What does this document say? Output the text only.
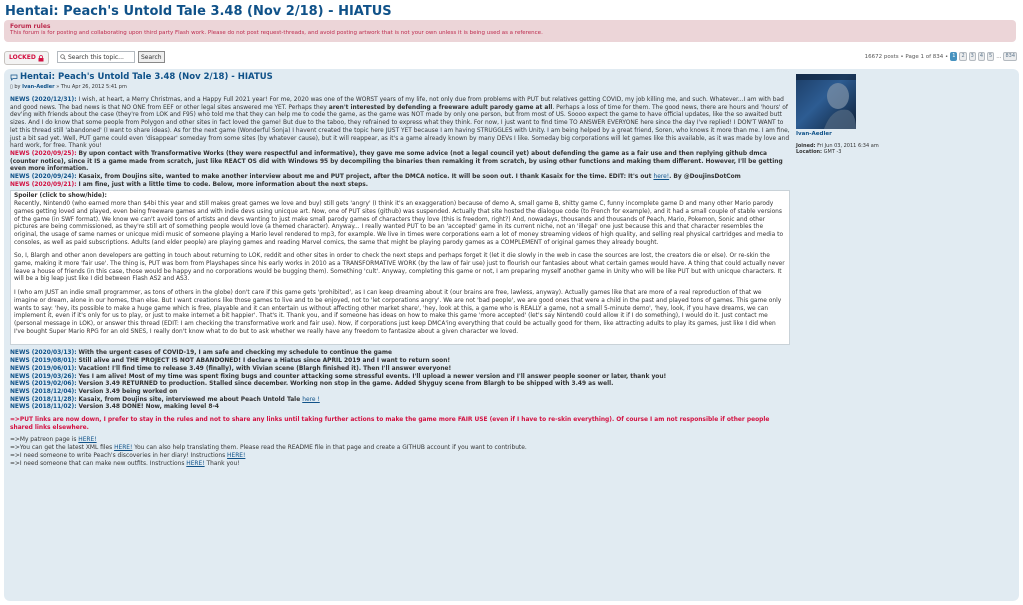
Hentai: Peach's Untold Tale 3.48 (Nov 2/18) - HIATUS
Forum rules
This forum is for posting and collaborating upon third party Flash work. Please do not post request-threads, and avoid posting artwork that is not your own unless it is being used as a reference.
LOCKED	Search this topic...	Search	16672 posts • Page 1 of 834 • 1	2	3	4	5 ... 834
Hentai: Peach's Untold Tale 3.48 (Nov 2/18) - HIATUS
▯ by Ivan-Aedler » Thu Apr 26, 2012 5:41 pm

NEWS (2020/12/31): I wish, at heart, a Merry Christmas, and a Happy Full 2021 year! For me, 2020 was one of the WORST years of my life, not only due from problems with PUT but relatives getting COVID, my job killing me, and such. Whatever...I am with bad and good news. The bad news is that NO ONE from EEF or other legal sites answered me YET. Perhaps they aren't interested by defending a freeware adult parody game at all. Perhaps a loss of time for them. The good news, there are hours and 'hours' of dev'ing with friends about the case (they're from LOK and F95) who told me that they can help me to code the game, as the game was NOT made by only one person, but from most of US. Soooo expect the game to have official updates, like the so awaited butt sizes. And I do know that some people from Polygon and other sites in fact loved the game! But due to the taboo, they refrained to express what they think. For now, I just want to find time TO ANSWER EVERYONE here since the day I've replied! I DON'T WANT to let this thread still 'abandoned' (I want to share ideas). As for the next game (Wonderful Sonja) I havent created the topic here JUST YET because I am having STRUGGLES with Unity. I am being helped by a great friend, Soren, who knows it more than me. I am fine, just a bit sad yet. Well, PUT game could even 'disappear' someday from some sites (by whatever cause), but it will reappear, as it's a game already known by many DEVs I like. Someday big corporations will let games like this available, as it was made by love and hard work, for free. Thank you!

NEWS (2020/09/25): By upon contact with Transformative Works (they were respectful and informative), they gave me some advice (not a legal council yet) about defending the game as a fair use and then replying github dmca (counter notice), since it IS a game made from scratch, just like REACT OS did with Windows 95 by decompiling the binaries then remaking it from scratch, by using other functions and making them different. However, I'll be getting even more information.

NEWS (2020/09/24): Kasaix, from Doujins site, wanted to make another interview about me and PUT project, after the DMCA notice. It will be soon out. I thank Kasaix for the time. EDIT: It's out here!. By @DoujinsDotCom

NEWS (2020/09/21): I am fine, just with a little time to code. Below, more information about the next steps.

Spoiler (click to show/hide):

Recently, Nintend0 (who earned more than $4bi this year and still makes great games we love and buy) still gets 'angry' (I think it's an exaggeration) because of demo A, small game B, shitty game C, funny incomplete game D and many other Mario parody games getting loved and played, even being freeware games and with indie devs using unicque art. Now, one of PUT sites (github) was suspended. Actually that site hosted the dialogue code (to French for example), and it had a small couple of stable versions of the game (in SWF format). We know we can't avoid tons of artists and devs wanting to just make small parody games of characters they love (this is freedom, right?) And, nowadays, thousands and thousands of Peach, Mario, Pokemon, Sonic and other pictures are being commissioned, as they're still art of something people would love (a themed character). Anyway... I really wanted PUT to be an 'accepted' game in its current niche, not an 'illegal' one just because this and that character resembles the original, the usage of same names or unicque midi music of someone playing a Mario level rendered to mp3, for example. We live in times were corporations earn a lot of money streaming videos of high quality, and selling real physical cartridges and media to consoles, as well as paid subscriptions. Adults (and elder people) are playing games and reading Marvel comics, the same that might be playing parody games as a COMPLEMENT of original games they already bought.

So, I, Blargh and other anon developers are getting in touch about returning to LOK, reddit and other sites in order to check the next steps and perhaps forget it (let it die slowly in the web in case the sources are lost, the creators die or else). Or re-skin the game, making it more 'fair use'. The thing is, PUT was born from Playshapes since his early works in 2010 as a TRANSFORMATIVE WORK (by the law of fair use) just to flourish our fantasies about what certain games would have. A thing that could actually never leave a house of friends (in this case, those would be happy and no corporations would be bugging them). Something 'cult'. Anyway, completing this game or not, I am preparing myself another game in Unity who will be like PUT but with unicque characters. It will be a big leap just like I did between Flash AS2 and AS3.

I (who am JUST an indie small programmer, as tons of others in the globe) don't care if this game gets 'prohibited', as I can keep dreaming about it (our brains are free, lawless, anyway). Actually games like that are more of a real reproduction of that we imagine or dream, alone in our homes, than else. But I want creations like those games to live and to be enjoyed, not to 'let corporations angry'. We are not 'bad people', we are good ones that were a child in the past and played tons of games. This game only wants to say: 'hey, its possible to make a huge game which is free, playable and it can entertain us without affecting other market share', 'hey, look at this, a game who is REALLY a game, not a small 5-minute demo', 'hey, look, if you have dreams, we can implement it, even if it's only for us to play, or just to make internet a bit happier'. That's it. Thank you, and if someone has ideas on how to make this game 'more accepted' (let's say Nintend0 could allow it if I do something), I would do it. Just contact me (personal message in LOK), or answer this thread (EDIT: I am checking the transformative work and fair use). Now, if corporations just keep DMCA'ing everything that could be actually good for them, like attracting adults to play its games, just like I did when I've bought Super Mario RPG for an old SNES, I really don't know what to do but to ask whether we really have any freedom to fantasize about a given character we loved.

NEWS (2020/03/13): With the urgent cases of COVID-19, I am safe and checking my schedule to continue the game

NEWS (2019/08/01): Still alive and THE PROJECT IS NOT ABANDONED! I declare a Hiatus since APRIL 2019 and I want to return soon!

NEWS (2019/06/01): Vacation! I'll find time to release 3.49 (finally), with Vivian scene (Blargh finished it). Then I'll answer everyone!

NEWS (2019/03/26): Yes I am alive! Most of my time was spent fixing bugs and counter attacking some stressful events. I'll upload a newer version and I'll answer people sooner or later, thank you!

NEWS (2019/02/06): Version 3.49 RETURNED to production. Stalled since december. Working non stop in the game. Added Shyguy scene from Blargh to be shipped with 3.49 as well.

NEWS (2018/12/04): Version 3.49 being worked on

NEWS (2018/11/28): Kasaix, from Doujins site, interviewed me about Peach Untold Tale here !

NEWS (2018/11/02): Version 3.48 DONE! Now, making level 8-4

=>PUT links are now down, I prefer to stay in the rules and not to share any links until taking further actions to make the game more FAIR USE (even if I have to re-skin everything). Of course I am not responsible if other people shared links elsewhere.

=>My patreon page is HERE!

=>You can get the latest XML files HERE! You can also help translating them. Please read the README file in that page and create a GITHUB account if you want to contribute.

=>I need someone to write Peach's discoveries in her diary! Instructions HERE!

=>I need someone that can make new outfits. Instructions HERE! Thank you!

Ivan-Aedler
Joined: Fri Jun 03, 2011 6:34 am
Location: GMT -3
